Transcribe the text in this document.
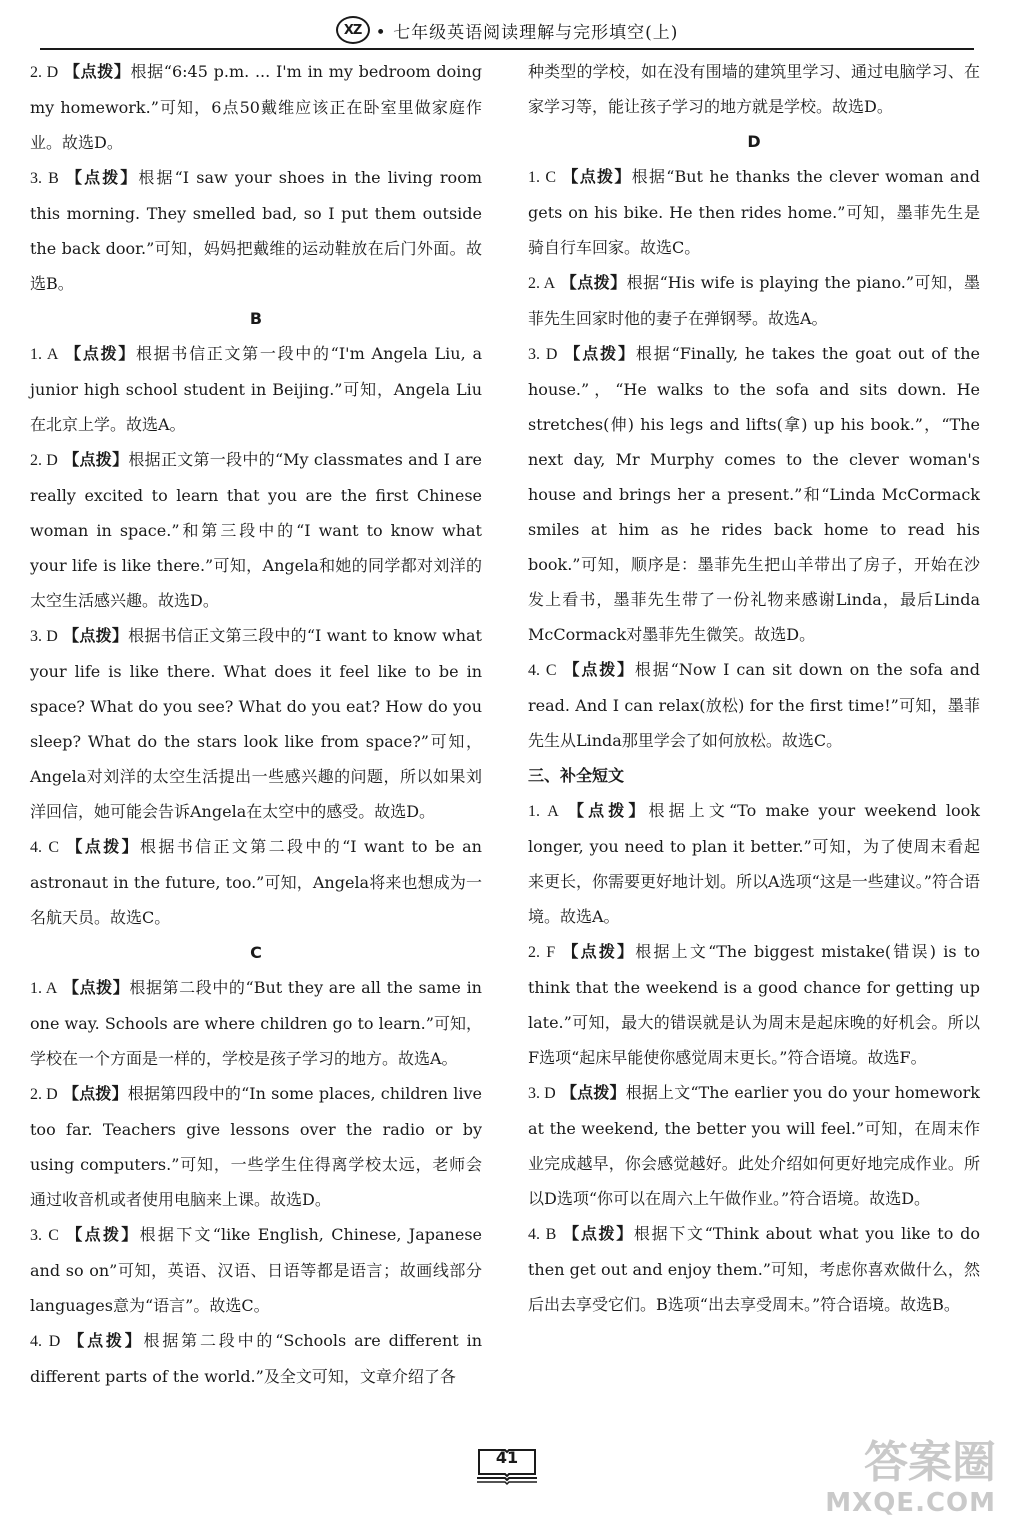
XZ • 七年级英语阅读理解与完形填空(上)
2. D 【点拨】根据“6:45 p.m. ... I'm in my bedroom doing my homework.”可知，6点50戴维应该正在卧室里做家庭作业。故选D。
3. B 【点拨】根据“I saw your shoes in the living room this morning. They smelled bad, so I put them outside the back door.”可知，妈妈把戴维的运动鞋放在后门外面。故选B。
B
1. A 【点拨】根据书信正文第一段中的“I'm Angela Liu, a junior high school student in Beijing.”可知，Angela Liu在北京上学。故选A。
2. D 【点拨】根据正文第一段中的“My classmates and I are really excited to learn that you are the first Chinese woman in space.”和第三段中的“I want to know what your life is like there.”可知，Angela和她的同学都对刘洋的太空生活感兴趣。故选D。
3. D 【点拨】根据书信正文第三段中的“I want to know what your life is like there. What does it feel like to be in space? What do you see? What do you eat? How do you sleep? What do the stars look like from space?”可知，Angela对刘洋的太空生活提出一些感兴趣的问题，所以如果刘洋回信，她可能会告诉Angela在太空中的感受。故选D。
4. C 【点拨】根据书信正文第二段中的“I want to be an astronaut in the future, too.”可知，Angela将来也想成为一名航天员。故选C。
C
1. A 【点拨】根据第二段中的“But they are all the same in one way. Schools are where children go to learn.”可知，学校在一个方面是一样的，学校是孩子学习的地方。故选A。
2. D 【点拨】根据第四段中的“In some places, children live too far. Teachers give lessons over the radio or by using computers.”可知，一些学生住得离学校太远，老师会通过收音机或者使用电脑来上课。故选D。
3. C 【点拨】根据下文“like English, Chinese, Japanese and so on”可知，英语、汉语、日语等都是语言；故画线部分languages意为“语言”。故选C。
4. D 【点拨】根据第二段中的“Schools are different in different parts of the world.”及全文可知，文章介绍了各
种类型的学校，如在没有围墙的建筑里学习、通过电脑学习、在家学习等，能让孩子学习的地方就是学校。故选D。
D
1. C 【点拨】根据“But he thanks the clever woman and gets on his bike. He then rides home.”可知，墨菲先生是骑自行车回家。故选C。
2. A 【点拨】根据“His wife is playing the piano.”可知，墨菲先生回家时他的妻子在弹钢琴。故选A。
3. D 【点拨】根据“Finally, he takes the goat out of the house.”，“He walks to the sofa and sits down. He stretches(伸) his legs and lifts(拿) up his book.”，“The next day, Mr Murphy comes to the clever woman's house and brings her a present.”和“Linda McCormack smiles at him as he rides back home to read his book.”可知，顺序是：墨菲先生把山羊带出了房子，开始在沙发上看书，墨菲先生带了一份礼物来感谢Linda，最后Linda McCormack对墨菲先生微笑。故选D。
4. C 【点拨】根据“Now I can sit down on the sofa and read. And I can relax(放松) for the first time!”可知，墨菲先生从Linda那里学会了如何放松。故选C。
三、补全短文
1. A 【点拨】根据上文“To make your weekend look longer, you need to plan it better.”可知，为了使周末看起来更长，你需要更好地计划。所以A选项“这是一些建议。”符合语境。故选A。
2. F 【点拨】根据上文“The biggest mistake(错误) is to think that the weekend is a good chance for getting up late.”可知，最大的错误就是认为周末是起床晚的好机会。所以F选项“起床早能使你感觉周末更长。”符合语境。故选F。
3. D 【点拨】根据上文“The earlier you do your homework at the weekend, the better you will feel.”可知，在周末作业完成越早，你会感觉越好。此处介绍如何更好地完成作业。所以D选项“你可以在周六上午做作业。”符合语境。故选D。
4. B 【点拨】根据下文“Think about what you like to do then get out and enjoy them.”可知，考虑你喜欢做什么，然后出去享受它们。B选项“出去享受周末。”符合语境。故选B。
41	答案圈
MXQE.COM
